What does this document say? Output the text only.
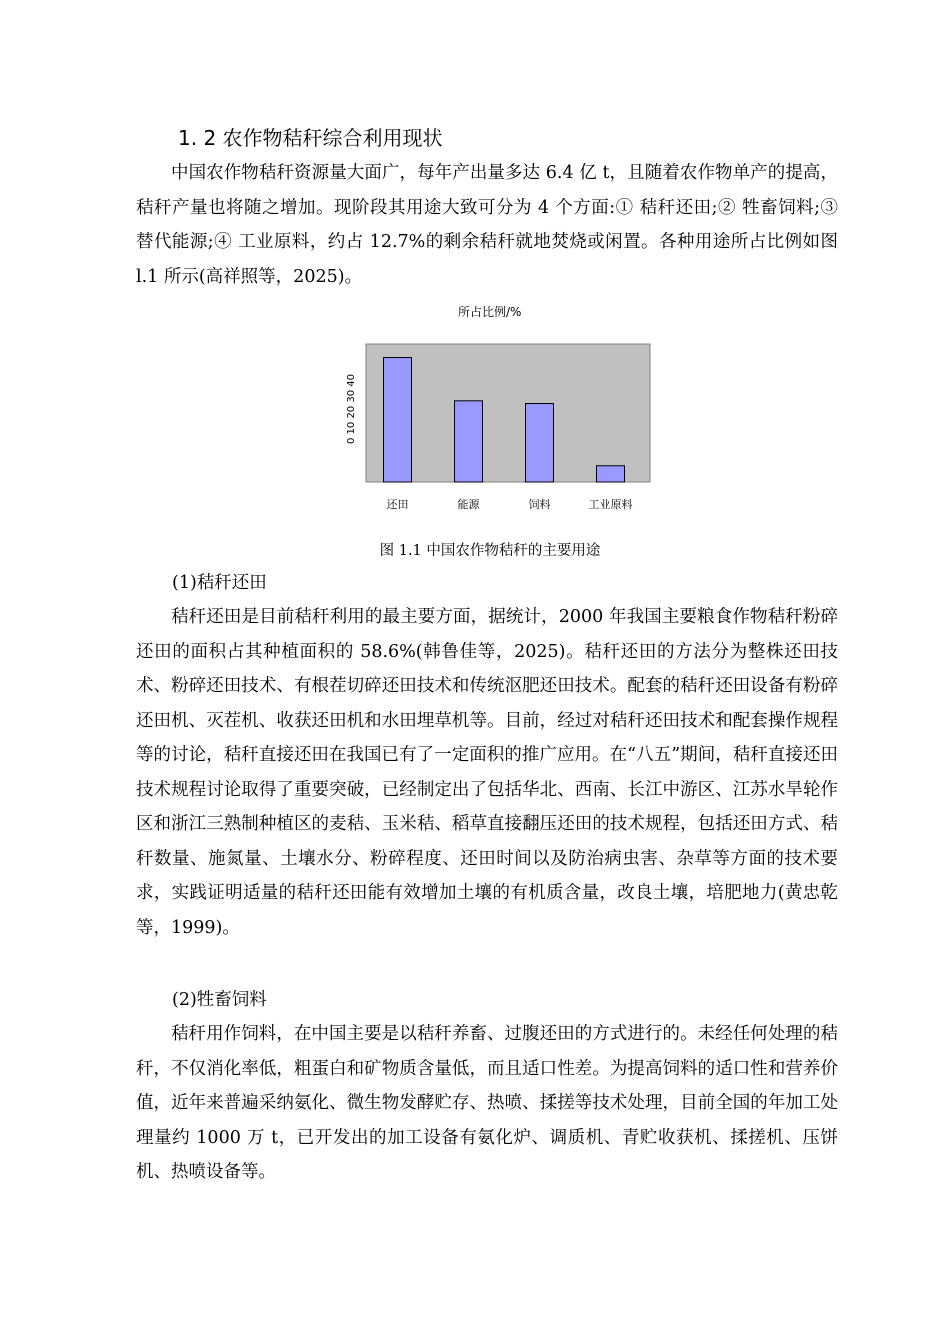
1. 2 农作物秸秆综合利用现状

中国农作物秸秆资源量大面广，每年产出量多达 6.4 亿 t，且随着农作物单产的提高，秸秆产量也将随之增加。现阶段其用途大致可分为 4 个方面:① 秸秆还田;② 牲畜饲料;③ 替代能源;④ 工业原料，约占 12.7%的剩余秸秆就地焚烧或闲置。各种用途所占比例如图 l.1 所示(高祥照等，2025)。

所占比例/%
0 10 20 30 40
还田	能源	饲料	工业原料
图 1.1 中国农作物秸秆的主要用途
(1)秸秆还田

秸秆还田是目前秸秆利用的最主要方面，据统计，2000 年我国主要粮食作物秸秆粉碎还田的面积占其种植面积的 58.6%(韩鲁佳等，2025)。秸秆还田的方法分为整株还田技术、粉碎还田技术、有根茬切碎还田技术和传统沤肥还田技术。配套的秸秆还田设备有粉碎还田机、灭茬机、收获还田机和水田埋草机等。目前，经过对秸秆还田技术和配套操作规程等的讨论，秸秆直接还田在我国已有了一定面积的推广应用。在“八五”期间，秸秆直接还田技术规程讨论取得了重要突破，已经制定出了包括华北、西南、长江中游区、江苏水旱轮作区和浙江三熟制种植区的麦秸、玉米秸、稻草直接翻压还田的技术规程，包括还田方式、秸秆数量、施氮量、土壤水分、粉碎程度、还田时间以及防治病虫害、杂草等方面的技术要求，实践证明适量的秸秆还田能有效增加土壤的有机质含量，改良土壤，培肥地力(黄忠乾等，1999)。

(2)牲畜饲料

秸秆用作饲料，在中国主要是以秸秆养畜、过腹还田的方式进行的。未经任何处理的秸秆，不仅消化率低，粗蛋白和矿物质含量低，而且适口性差。为提高饲料的适口性和营养价值，近年来普遍采纳氨化、微生物发酵贮存、热喷、揉搓等技术处理，目前全国的年加工处理量约 1000 万 t，已开发出的加工设备有氨化炉、调质机、青贮收获机、揉搓机、压饼机、热喷设备等。
